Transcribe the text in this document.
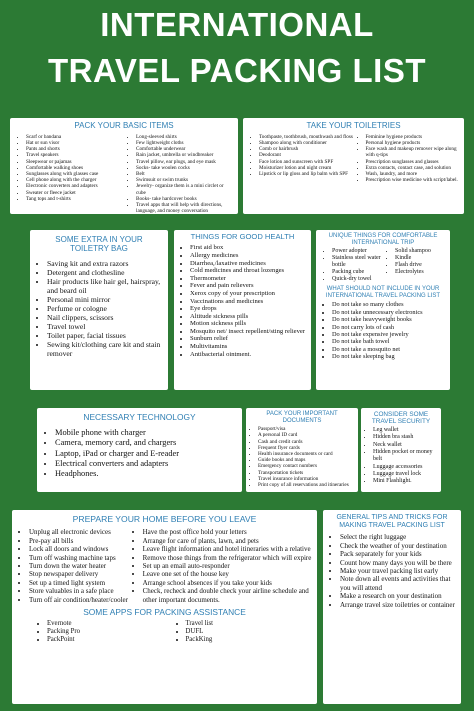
INTERNATIONAL
TRAVEL PACKING LIST
PACK YOUR BASIC ITEMS
• Scarf or bandana
• Hat or sun visor
• Pants and shorts
• Travel speakers
• Sleepwear or pajamas
• Comfortable walking shoes
• Sunglasses along with glasses case
• Cell phone along with the charger
• Electronic converters and adapters
• Sweater or fleece jacket
• Tang tops and t-shirts
• Long-sleeved shirts
• Few lightweight cloths
• Comfortable underwear
• Rain jacket, umbrella or windbreaker
• Travel pillow, ear plugs, and eye mask
• Socks- take woolen cocks
• Belt
• Swimsuit or swim trunks
• Jewelry- organize them is a mini circlet or cube
• Books- take hardcover books
• Travel apps that will help with directions, language, and money conversation
TAKE YOUR TOILETRIES
• Toothpaste, toothbrush, mouthwash and floss
• Shampoo along with conditioner
• Comb or hairbrush
• Deodorant
• Face lotion and sunscreen with SPF
• Moisturizer lotion and night cream
• Lipstick or lip gloss and lip balm with SPF
• Feminine hygiene products
• Personal hygiene products
• Face wash and makeup remover wipe along with q-tips
• Prescription sunglasses and glasses
• Extra contacts, contact case, and solution
• Wash, laundry, and more
• Prescription wise medicine with script/label.
SOME EXTRA IN YOUR TOILETRY BAG
• Saving kit and extra razors
• Detergent and clothesline
• Hair products like hair gel, hairspray, and beard oil
• Personal mini mirror
• Perfume or cologne
• Nail clippers, scissors
• Travel towel
• Toilet paper, facial tissues
• Sewing kit/clothing care kit and stain remover
THINGS FOR GOOD HEALTH
• First aid box
• Allergy medicines
• Diarrhea,/laxative medicines
• Cold medicines and throat lozenges
• Thermometer
• Fever and pain relievers
• Xerox copy of your prescription
• Vaccinations and medicines
• Eye drops
• Altitude sickness pills
• Motion sickness pills
• Mosquito net/ insect repellent/sting reliever
• Sunburn relief
• Multivitamins
• Antibacterial ointment.
UNIQUE THINGS FOR COMFORTABLE INTERNATIONAL TRIP
• Power adopter
• Stainless steel water bottle
• Packing cube
• Quick-dry towel
• Solid shampoo
• Kindle
• Flash drive
• Electrolytes
WHAT SHOULD NOT INCLUDE IN YOUR INTERNATIONAL TRAVEL PACKING LIST
• Do not take so many clothes
• Do not take unnecessary electronics
• Do not take heavyweight books
• Do not carry lots of cash
• Do not take expensive jewelry
• Do not take bath towel
• Do not take a mosquito net
• Do not take sleeping bag
NECESSARY TECHNOLOGY
• Mobile phone with charger
• Camera, memory card, and chargers
• Laptop, iPad or charger and E-reader
• Electrical converters and adapters
• Headphones.
PACK YOUR IMPORTANT DOCUMENTS
• Passport/visa
• A personal ID card
• Cash and credit cards
• Frequent flyer cards
• Health insurance documents or card
• Guide books and maps
• Emergency contact numbers
• Transportation tickets
• Travel insurance information
• Print copy of all reservations and itineraries
CONSIDER SOME TRAVEL SECURITY
• Leg wallet
• Hidden bra stash
• Neck wallet
• Hidden pocket or money belt
• Luggage accessories
• Luggage travel lock
• Mini Flashlight.
PREPARE YOUR HOME BEFORE YOU LEAVE
• Unplug all electronic devices
• Pre-pay all bills
• Lock all doors and windows
• Turn off washing machine taps
• Turn down the water heater
• Stop newspaper delivery
• Set up a timed light system
• Store valuables in a safe place
• Turn off air condition/heater/cooler
• Have the post office hold your letters
• Arrange for care of plants, lawn, and pets
• Leave flight information and hotel itineraries with a relative
• Remove those things from the refrigerator which will expire
• Set up an email auto-responder
• Leave one set of the house key
• Arrange school absences if you take your kids
• Check, recheck and double check your airline schedule and other important documents.
SOME APPS FOR PACKING ASSISTANCE
• Evernote
• Packing Pro
• PackPoint
• Travel list
• DUFL
• PackKing
GENERAL TIPS AND TRICKS FOR MAKING TRAVEL PACKING LIST
• Select the right luggage
• Check the weather of your destination
• Pack separately for your kids
• Count how many days you will be there
• Make your travel packing list early
• Note down all events and activities that you will attend
• Make a research on your destination
• Arrange travel size toiletries or container
